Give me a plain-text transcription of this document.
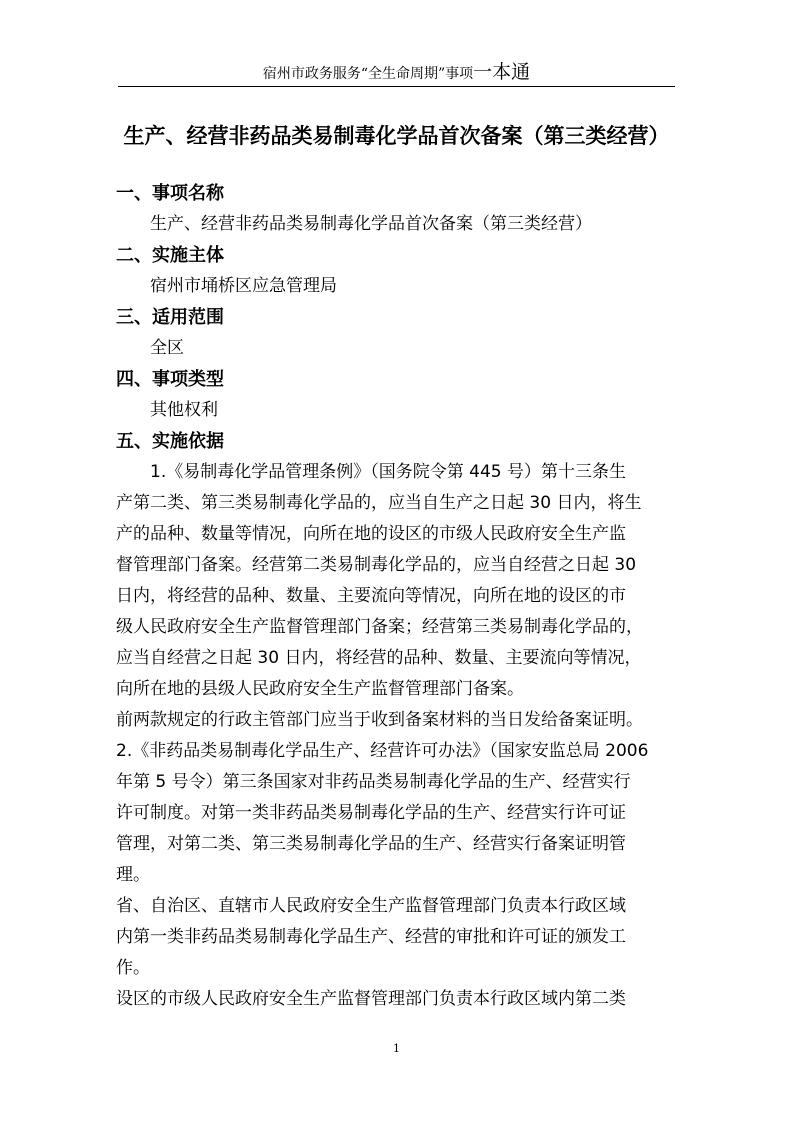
宿州市政务服务“全生命周期”事项一本通
生产、经营非药品类易制毒化学品首次备案（第三类经营）
一、事项名称
生产、经营非药品类易制毒化学品首次备案（第三类经营）
二、实施主体
宿州市埇桥区应急管理局
三、适用范围
全区
四、事项类型
其他权利
五、实施依据
1.《易制毒化学品管理条例》（国务院令第 445 号）第十三条生
产第二类、第三类易制毒化学品的，应当自生产之日起 30 日内，将生
产的品种、数量等情况，向所在地的设区的市级人民政府安全生产监
督管理部门备案。经营第二类易制毒化学品的，应当自经营之日起 30
日内，将经营的品种、数量、主要流向等情况，向所在地的设区的市
级人民政府安全生产监督管理部门备案；经营第三类易制毒化学品的，
应当自经营之日起 30 日内，将经营的品种、数量、主要流向等情况，
向所在地的县级人民政府安全生产监督管理部门备案。
前两款规定的行政主管部门应当于收到备案材料的当日发给备案证明。
2.《非药品类易制毒化学品生产、经营许可办法》（国家安监总局 2006
年第 5 号令）第三条国家对非药品类易制毒化学品的生产、经营实行
许可制度。对第一类非药品类易制毒化学品的生产、经营实行许可证
管理，对第二类、第三类易制毒化学品的生产、经营实行备案证明管
理。
省、自治区、直辖市人民政府安全生产监督管理部门负责本行政区域
内第一类非药品类易制毒化学品生产、经营的审批和许可证的颁发工
作。
设区的市级人民政府安全生产监督管理部门负责本行政区域内第二类
1
